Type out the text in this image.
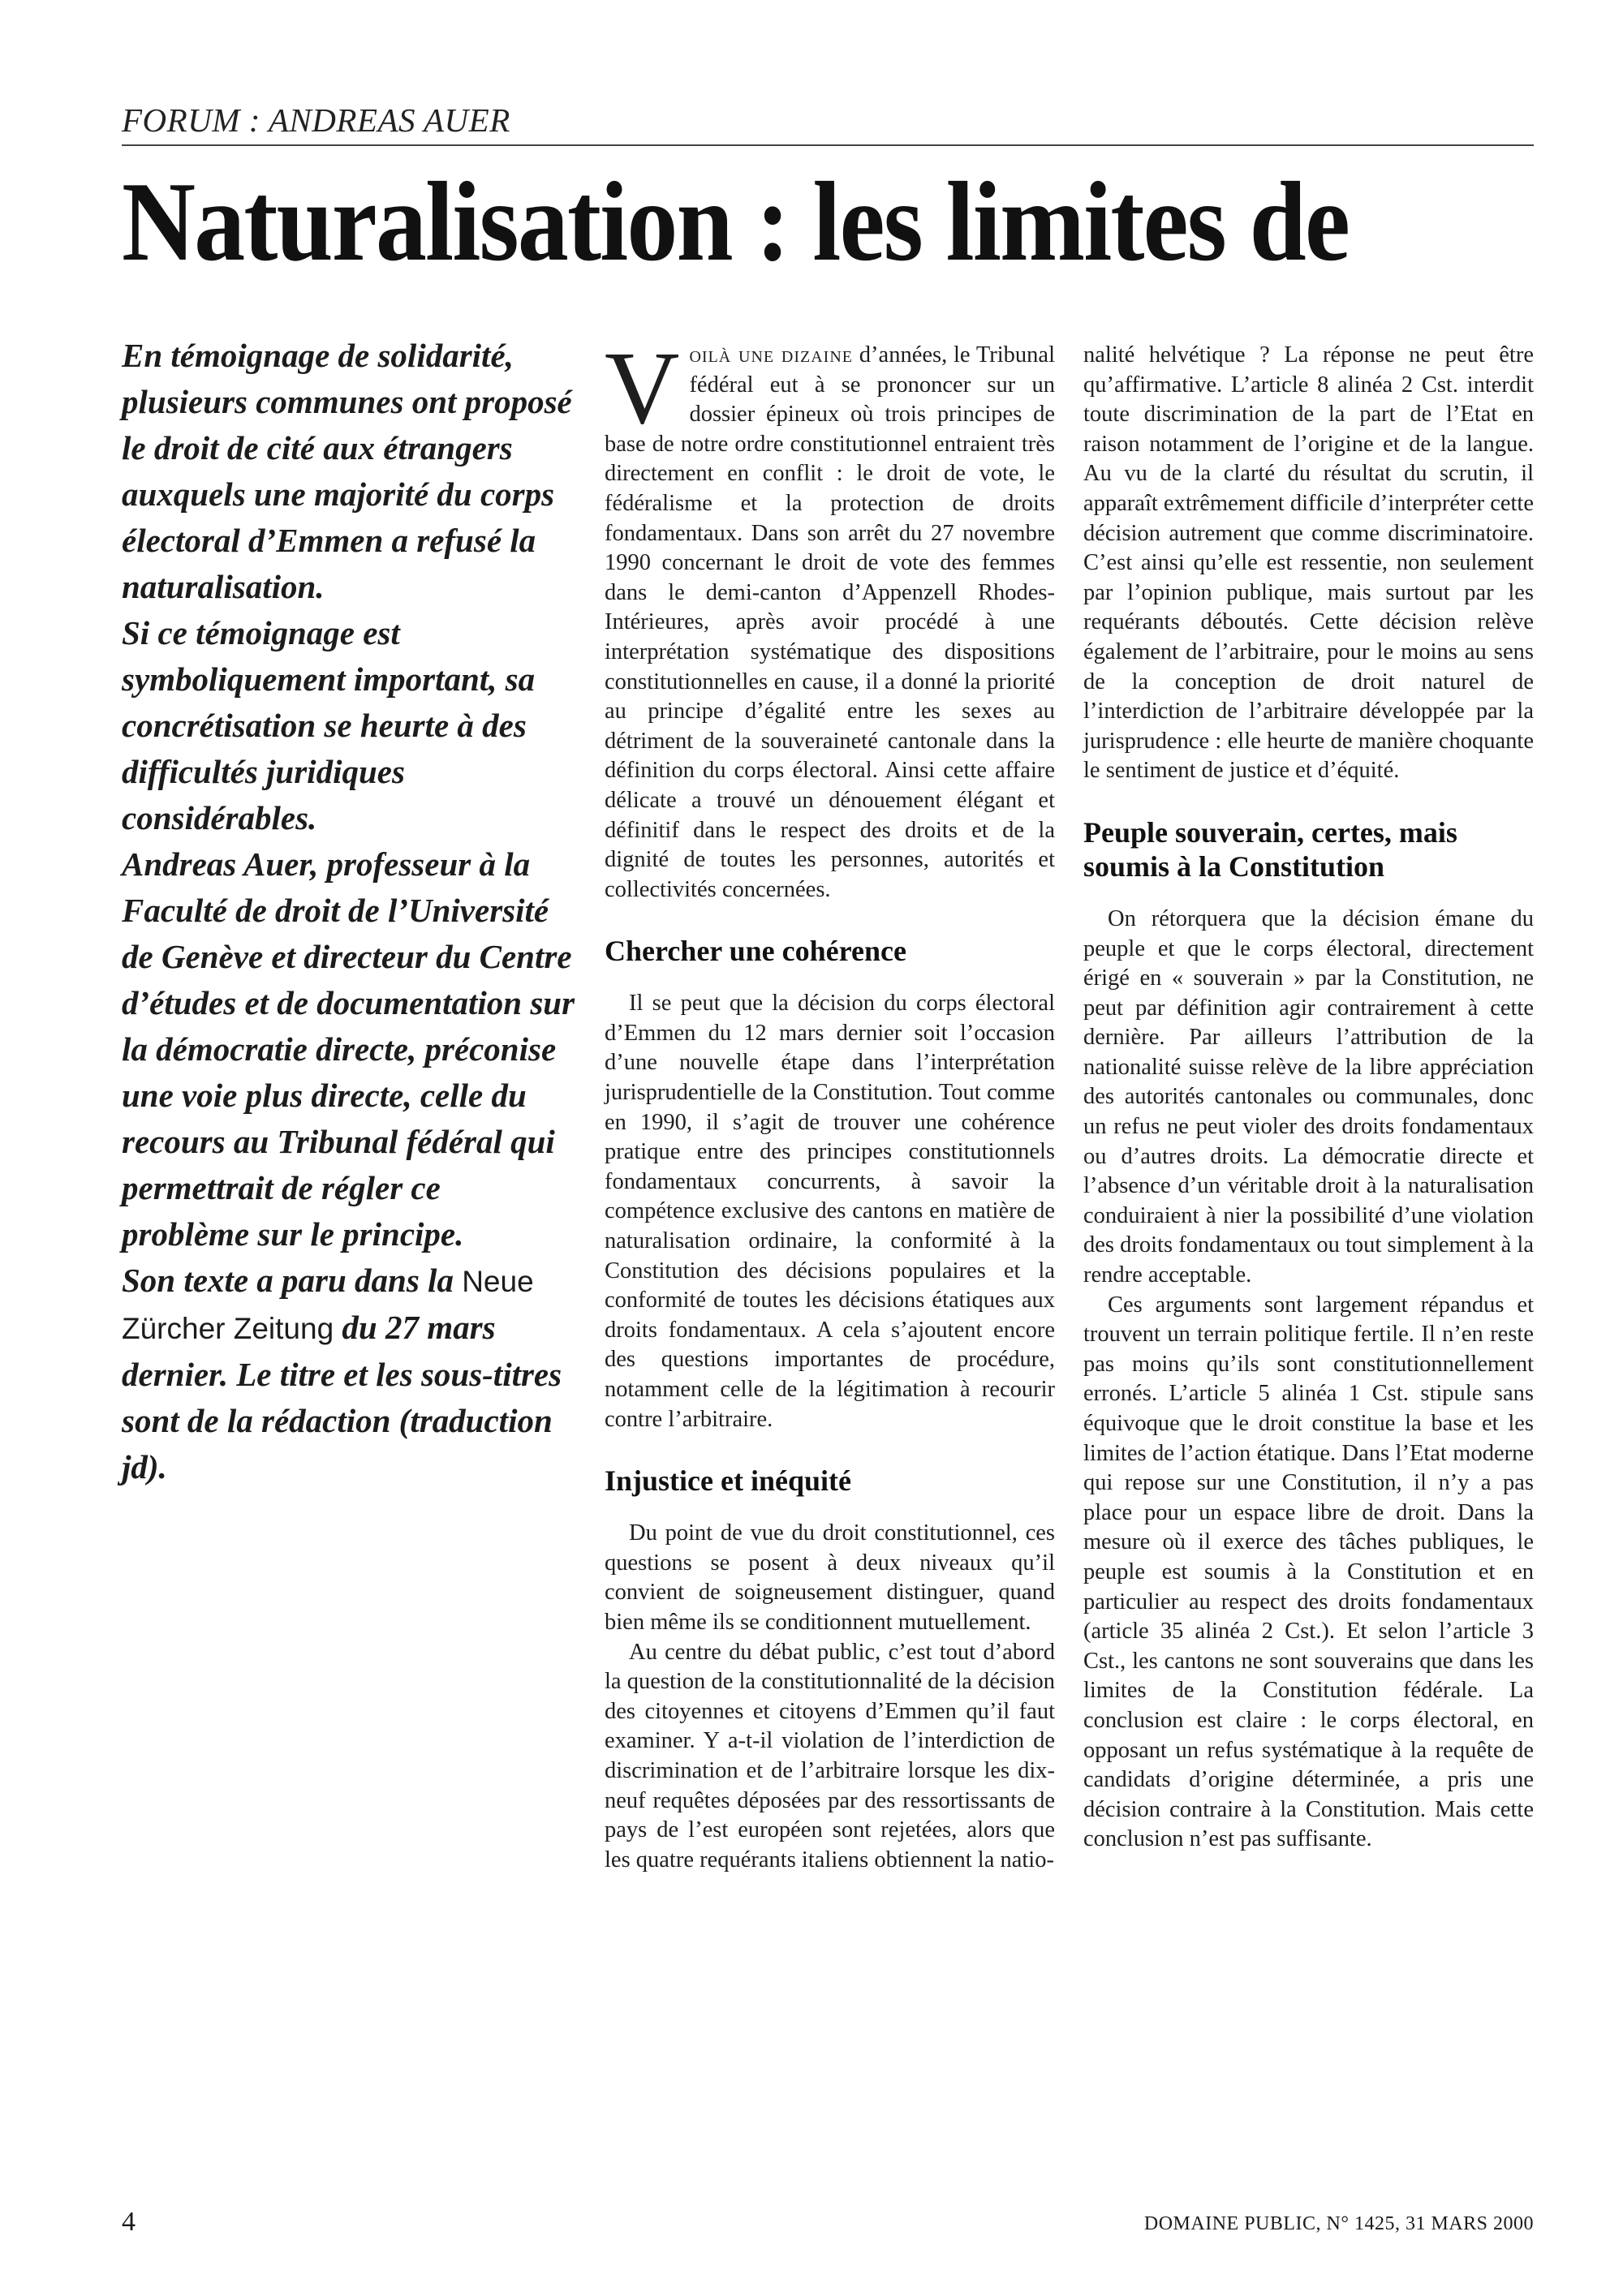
FORUM : ANDREAS AUER
Naturalisation : les limites de

En témoignage de solidarité, plusieurs communes ont proposé le droit de cité aux étrangers auxquels une majorité du corps électoral d’Emmen a refusé la naturalisation.

Si ce témoignage est symboliquement important, sa concrétisation se heurte à des difficultés juridiques considérables.

Andreas Auer, professeur à la Faculté de droit de l’Université de Genève et directeur du Centre d’études et de documentation sur la démocratie directe, préconise une voie plus directe, celle du recours au Tribunal fédéral qui permettrait de régler ce problème sur le principe.

Son texte a paru dans la Neue Zürcher Zeitung du 27 mars dernier. Le titre et les sous-titres sont de la rédaction (traduction jd).

Voilà une dizaine d’années, le Tribunal fédéral eut à se prononcer sur un dossier épineux où trois principes de base de notre ordre constitutionnel entraient très directement en conflit : le droit de vote, le fédéralisme et la protection de droits fondamentaux. Dans son arrêt du 27 novembre 1990 concernant le droit de vote des femmes dans le demi-canton d’Appenzell Rhodes-Intérieures, après avoir procédé à une interprétation systématique des dispositions constitutionnelles en cause, il a donné la priorité au principe d’égalité entre les sexes au détriment de la souveraineté cantonale dans la définition du corps électoral. Ainsi cette affaire délicate a trouvé un dénouement élégant et définitif dans le respect des droits et de la dignité de toutes les personnes, autorités et collectivités concernées.

Chercher une cohérence

Il se peut que la décision du corps électoral d’Emmen du 12 mars dernier soit l’occasion d’une nouvelle étape dans l’interprétation jurisprudentielle de la Constitution. Tout comme en 1990, il s’agit de trouver une cohérence pratique entre des principes constitutionnels fondamentaux concurrents, à savoir la compétence exclusive des cantons en matière de naturalisation ordinaire, la conformité à la Constitution des décisions populaires et la conformité de toutes les décisions étatiques aux droits fondamentaux. A cela s’ajoutent encore des questions importantes de procédure, notamment celle de la légitimation à recourir contre l’arbitraire.

Injustice et inéquité

Du point de vue du droit constitutionnel, ces questions se posent à deux niveaux qu’il convient de soigneusement distinguer, quand bien même ils se conditionnent mutuellement.

Au centre du débat public, c’est tout d’abord la question de la constitutionnalité de la décision des citoyennes et citoyens d’Emmen qu’il faut examiner. Y a-t-il violation de l’interdiction de discrimination et de l’arbitraire lorsque les dix-neuf requêtes déposées par des ressortissants de pays de l’est européen sont rejetées, alors que les quatre requérants italiens obtiennent la natio-

nalité helvétique ? La réponse ne peut être qu’affirmative. L’article 8 alinéa 2 Cst. interdit toute discrimination de la part de l’Etat en raison notamment de l’origine et de la langue. Au vu de la clarté du résultat du scrutin, il apparaît extrêmement difficile d’interpréter cette décision autrement que comme discriminatoire. C’est ainsi qu’elle est ressentie, non seulement par l’opinion publique, mais surtout par les requérants déboutés. Cette décision relève également de l’arbitraire, pour le moins au sens de la conception de droit naturel de l’interdiction de l’arbitraire développée par la jurisprudence : elle heurte de manière choquante le sentiment de justice et d’équité.

Peuple souverain, certes, mais soumis à la Constitution

On rétorquera que la décision émane du peuple et que le corps électoral, directement érigé en « souverain » par la Constitution, ne peut par définition agir contrairement à cette dernière. Par ailleurs l’attribution de la nationalité suisse relève de la libre appréciation des autorités cantonales ou communales, donc un refus ne peut violer des droits fondamentaux ou d’autres droits. La démocratie directe et l’absence d’un véritable droit à la naturalisation conduiraient à nier la possibilité d’une violation des droits fondamentaux ou tout simplement à la rendre acceptable.

Ces arguments sont largement répandus et trouvent un terrain politique fertile. Il n’en reste pas moins qu’ils sont constitutionnellement erronés. L’article 5 alinéa 1 Cst. stipule sans équivoque que le droit constitue la base et les limites de l’action étatique. Dans l’Etat moderne qui repose sur une Constitution, il n’y a pas place pour un espace libre de droit. Dans la mesure où il exerce des tâches publiques, le peuple est soumis à la Constitution et en particulier au respect des droits fondamentaux (article 35 alinéa 2 Cst.). Et selon l’article 3 Cst., les cantons ne sont souverains que dans les limites de la Constitution fédérale. La conclusion est claire : le corps électoral, en opposant un refus systématique à la requête de candidats d’origine déterminée, a pris une décision contraire à la Constitution. Mais cette conclusion n’est pas suffisante.

4	DOMAINE PUBLIC, N° 1425, 31 MARS 2000
